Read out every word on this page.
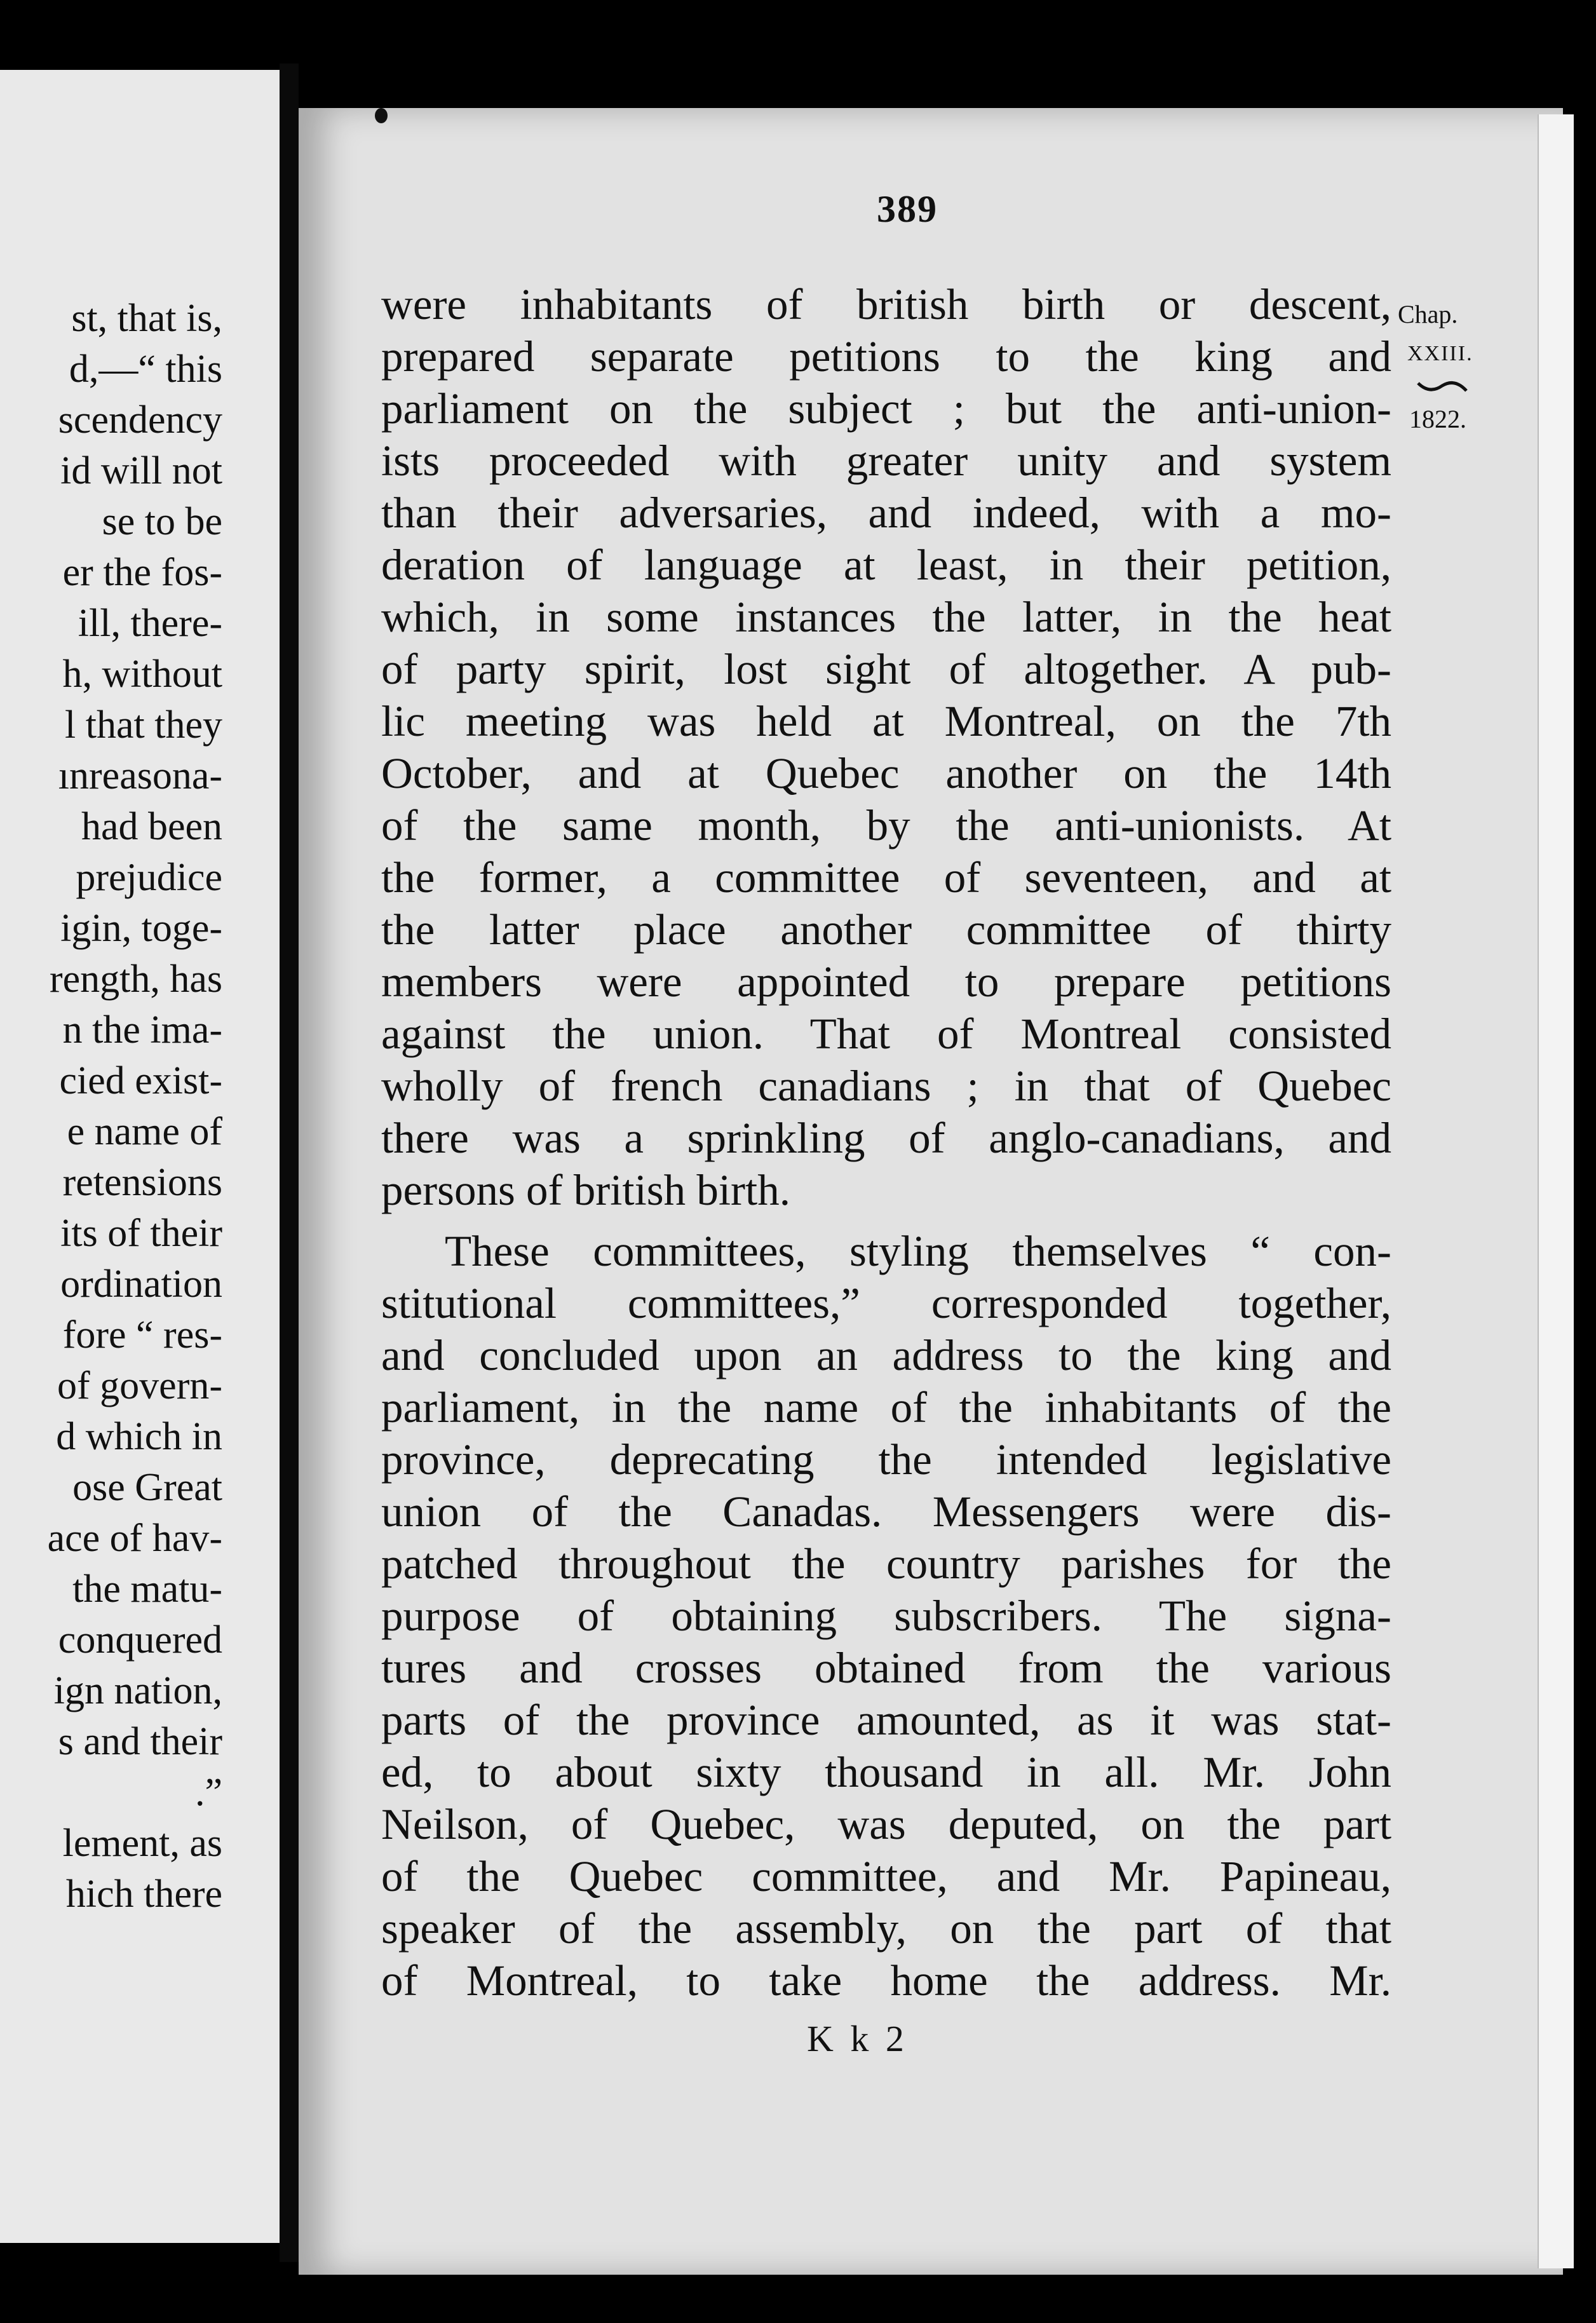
st, that is,
d,—“ this
scendency
id will not
se to be
er the fos-
ill, there-
h, without
l that they
ınreasona-
had been
prejudice
igin, toge-
rength, has
n the ima-
cied exist-
e name of
retensions
its of their
ordination
fore “ res-
of govern-
d which in
ose Great
ace of hav-
the matu-
conquered
ign nation,
s and their
.”
lement, as
hich there
389
Chap.
XXIII.
1822.
were inhabitants of british birth or descent,
prepared separate petitions to the king and
parliament on the subject ; but the anti-union-
ists proceeded with greater unity and system
than their adversaries, and indeed, with a mo-
deration of language at least, in their petition,
which, in some instances the latter, in the heat
of party spirit, lost sight of altogether. A pub-
lic meeting was held at Montreal, on the 7th
October, and at Quebec another on the 14th
of the same month, by the anti-unionists. At
the former, a committee of seventeen, and at
the latter place another committee of thirty
members were appointed to prepare petitions
against the union. That of Montreal consisted
wholly of french canadians ; in that of Quebec
there was a sprinkling of anglo-canadians, and
persons of british birth.
These committees, styling themselves “ con-
stitutional committees,” corresponded together,
and concluded upon an address to the king and
parliament, in the name of the inhabitants of the
province, deprecating the intended legislative
union of the Canadas. Messengers were dis-
patched throughout the country parishes for the
purpose of obtaining subscribers. The signa-
tures and crosses obtained from the various
parts of the province amounted, as it was stat-
ed, to about sixty thousand in all. Mr. John
Neilson, of Quebec, was deputed, on the part
of the Quebec committee, and Mr. Papineau,
speaker of the assembly, on the part of that
of Montreal, to take home the address. Mr.
K k 2
